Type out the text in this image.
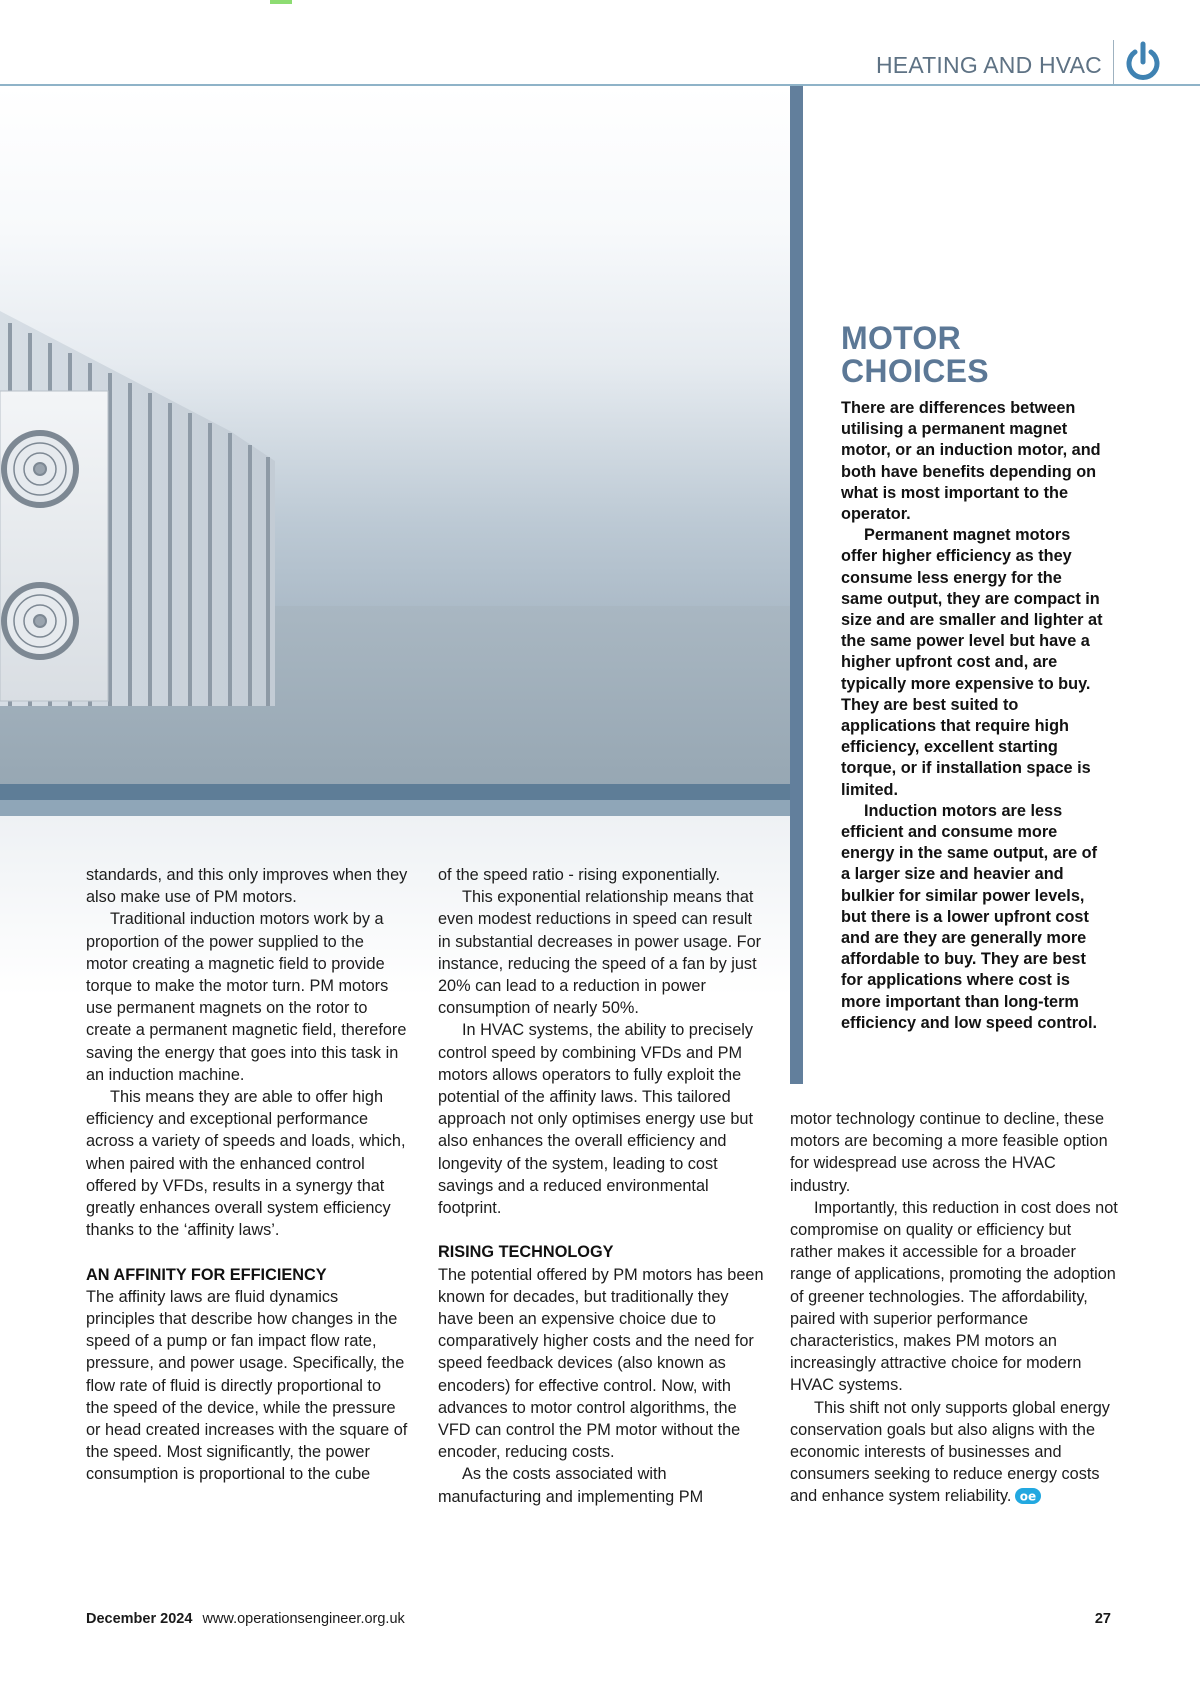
HEATING AND HVAC
MOTOR
CHOICES

There are differences between utilising a permanent magnet motor, or an induction motor, and both have benefits depending on what is most important to the operator.

Permanent magnet motors offer higher efficiency as they consume less energy for the same output, they are compact in size and are smaller and lighter at the same power level but have a higher upfront cost and, are typically more expensive to buy. They are best suited to applications that require high efficiency, excellent starting torque, or if installation space is limited.

Induction motors are less efficient and consume more energy in the same output, are of a larger size and heavier and bulkier for similar power levels, but there is a lower upfront cost and are they are generally more affordable to buy. They are best for applications where cost is more important than long-term efficiency and low speed control.

standards, and this only improves when they also make use of PM motors.

Traditional induction motors work by a proportion of the power supplied to the motor creating a magnetic field to provide torque to make the motor turn. PM motors use permanent magnets on the rotor to create a permanent magnetic field, therefore saving the energy that goes into this task in an induction machine.

This means they are able to offer high efficiency and exceptional performance across a variety of speeds and loads, which, when paired with the enhanced control offered by VFDs, results in a synergy that greatly enhances overall system efficiency thanks to the ‘affinity laws’.

AN AFFINITY FOR EFFICIENCY

The affinity laws are fluid dynamics principles that describe how changes in the speed of a pump or fan impact flow rate, pressure, and power usage. Specifically, the flow rate of fluid is directly proportional to the speed of the device, while the pressure or head created increases with the square of the speed. Most significantly, the power consumption is proportional to the cube

of the speed ratio - rising exponentially.

This exponential relationship means that even modest reductions in speed can result in substantial decreases in power usage. For instance, reducing the speed of a fan by just 20% can lead to a reduction in power consumption of nearly 50%.

In HVAC systems, the ability to precisely control speed by combining VFDs and PM motors allows operators to fully exploit the potential of the affinity laws. This tailored approach not only optimises energy use but also enhances the overall efficiency and longevity of the system, leading to cost savings and a reduced environmental footprint.

RISING TECHNOLOGY

The potential offered by PM motors has been known for decades, but traditionally they have been an expensive choice due to comparatively higher costs and the need for speed feedback devices (also known as encoders) for effective control. Now, with advances to motor control algorithms, the VFD can control the PM motor without the encoder, reducing costs.

As the costs associated with manufacturing and implementing PM

motor technology continue to decline, these motors are becoming a more feasible option for widespread use across the HVAC industry.

Importantly, this reduction in cost does not compromise on quality or efficiency but rather makes it accessible for a broader range of applications, promoting the adoption of greener technologies. The affordability, paired with superior performance characteristics, makes PM motors an increasingly attractive choice for modern HVAC systems.

This shift not only supports global energy conservation goals but also aligns with the economic interests of businesses and consumers seeking to reduce energy costs and enhance system reliability. oe

December 2024 www.operationsengineer.org.uk	27
